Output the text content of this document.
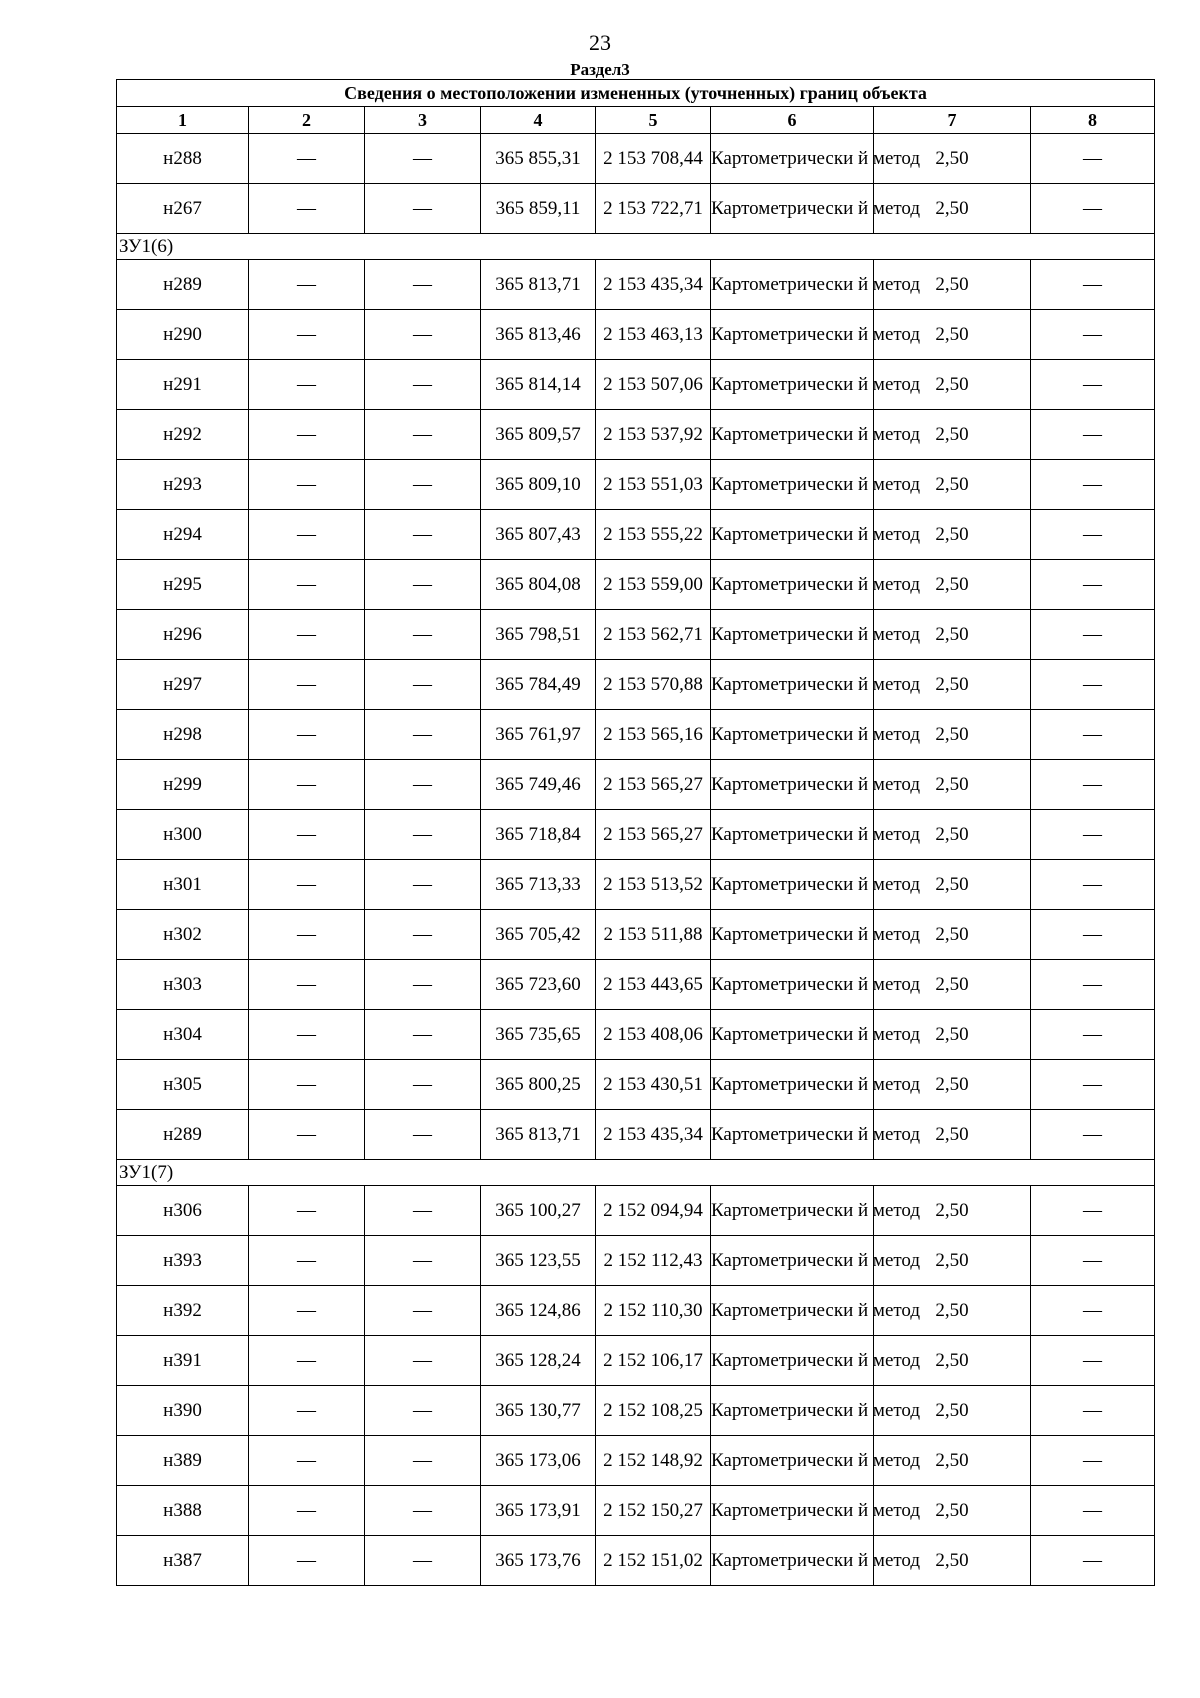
23
Раздел3
Сведения о местоположении измененных (уточненных) границ объекта							
1	2	3	4	5	6	7	8
н288	—	—	365 855,31	2 153 708,44	Картометрически й метод	2,50	—
н267	—	—	365 859,11	2 153 722,71	Картометрически й метод	2,50	—
ЗУ1(6)							
н289	—	—	365 813,71	2 153 435,34	Картометрически й метод	2,50	—
н290	—	—	365 813,46	2 153 463,13	Картометрически й метод	2,50	—
н291	—	—	365 814,14	2 153 507,06	Картометрически й метод	2,50	—
н292	—	—	365 809,57	2 153 537,92	Картометрически й метод	2,50	—
н293	—	—	365 809,10	2 153 551,03	Картометрически й метод	2,50	—
н294	—	—	365 807,43	2 153 555,22	Картометрически й метод	2,50	—
н295	—	—	365 804,08	2 153 559,00	Картометрически й метод	2,50	—
н296	—	—	365 798,51	2 153 562,71	Картометрически й метод	2,50	—
н297	—	—	365 784,49	2 153 570,88	Картометрически й метод	2,50	—
н298	—	—	365 761,97	2 153 565,16	Картометрически й метод	2,50	—
н299	—	—	365 749,46	2 153 565,27	Картометрически й метод	2,50	—
н300	—	—	365 718,84	2 153 565,27	Картометрически й метод	2,50	—
н301	—	—	365 713,33	2 153 513,52	Картометрически й метод	2,50	—
н302	—	—	365 705,42	2 153 511,88	Картометрически й метод	2,50	—
н303	—	—	365 723,60	2 153 443,65	Картометрически й метод	2,50	—
н304	—	—	365 735,65	2 153 408,06	Картометрически й метод	2,50	—
н305	—	—	365 800,25	2 153 430,51	Картометрически й метод	2,50	—
н289	—	—	365 813,71	2 153 435,34	Картометрически й метод	2,50	—
ЗУ1(7)							
н306	—	—	365 100,27	2 152 094,94	Картометрически й метод	2,50	—
н393	—	—	365 123,55	2 152 112,43	Картометрически й метод	2,50	—
н392	—	—	365 124,86	2 152 110,30	Картометрически й метод	2,50	—
н391	—	—	365 128,24	2 152 106,17	Картометрически й метод	2,50	—
н390	—	—	365 130,77	2 152 108,25	Картометрически й метод	2,50	—
н389	—	—	365 173,06	2 152 148,92	Картометрически й метод	2,50	—
н388	—	—	365 173,91	2 152 150,27	Картометрически й метод	2,50	—
н387	—	—	365 173,76	2 152 151,02	Картометрически й метод	2,50	—
